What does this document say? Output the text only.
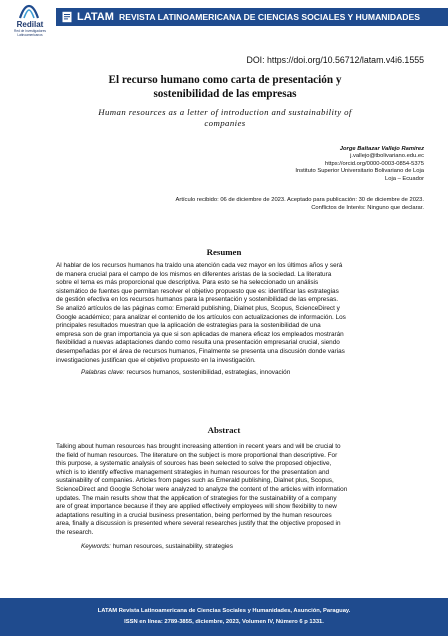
Redilat
Red de Investigadores Latinoamericanos
LATAM REVISTA LATINOAMERICANA DE CIENCIAS SOCIALES Y HUMANIDADES
DOI: https://doi.org/10.56712/latam.v4i6.1555
El recurso humano como carta de presentación y
sostenibilidad de las empresas
Human resources as a letter of introduction and sustainability of
companies
Jorge Baltazar Vallejo Ramírez
j.vallejo@tbolivariano.edu.ec
https://orcid.org/0000-0003-0854-5375
Instituto Superior Universitario Bolivariano de Loja
Loja – Ecuador
Artículo recibido: 06 de diciembre de 2023. Aceptado para publicación: 30 de diciembre de 2023.
Conflictos de Interés: Ninguno que declarar.
Resumen
Al hablar de los recursos humanos ha traído una atención cada vez mayor en los últimos años y será
de manera crucial para el campo de los mismos en diferentes aristas de la sociedad. La literatura
sobre el tema es más proporcional que descriptiva. Para esto se ha seleccionado un análisis
sistemático de fuentes que permitan resolver el objetivo propuesto que es: identificar las estrategias
de gestión efectiva en los recursos humanos para la presentación y sostenibilidad de las empresas.
Se analizó artículos de las páginas como: Emerald publishing, Dialnet plus, Scopus, ScienceDirect y
Google académico; para analizar el contenido de los artículos con actualizaciones de información. Los
principales resultados muestran que la aplicación de estrategias para la sostenibilidad de una
empresa son de gran importancia ya que si son aplicadas de manera eficaz los empleados mostrarán
flexibilidad a nuevas adaptaciones dando como resulta una presentación empresarial crucial, siendo
desempeñadas por el área de recursos humanos, Finalmente se presenta una discusión donde varias
investigaciones justifican que el objetivo propuesto en la investigación.
Palabras clave: recursos humanos, sostenibilidad, estrategias, innovación
Abstract
Talking about human resources has brought increasing attention in recent years and will be crucial to
the field of human resources. The literature on the subject is more proportional than descriptive. For
this purpose, a systematic analysis of sources has been selected to solve the proposed objective,
which is to identify effective management strategies in human resources for the presentation and
sustainability of companies. Articles from pages such as Emerald publishing, Dialnet plus, Scopus,
ScienceDirect and Google Scholar were analyzed to analyze the content of the articles with information
updates. The main results show that the application of strategies for the sustainability of a company
are of great importance because if they are applied effectively employees will show flexibility to new
adaptations resulting in a crucial business presentation, being performed by the human resources
area, finally a discussion is presented where several researches justify that the objective proposed in
the research.
Keywords: human resources, sustainability, strategies
LATAM Revista Latinoamericana de Ciencias Sociales y Humanidades, Asunción, Paraguay.
ISSN en línea: 2789-3855, diciembre, 2023, Volumen IV, Número 6 p 1331.
